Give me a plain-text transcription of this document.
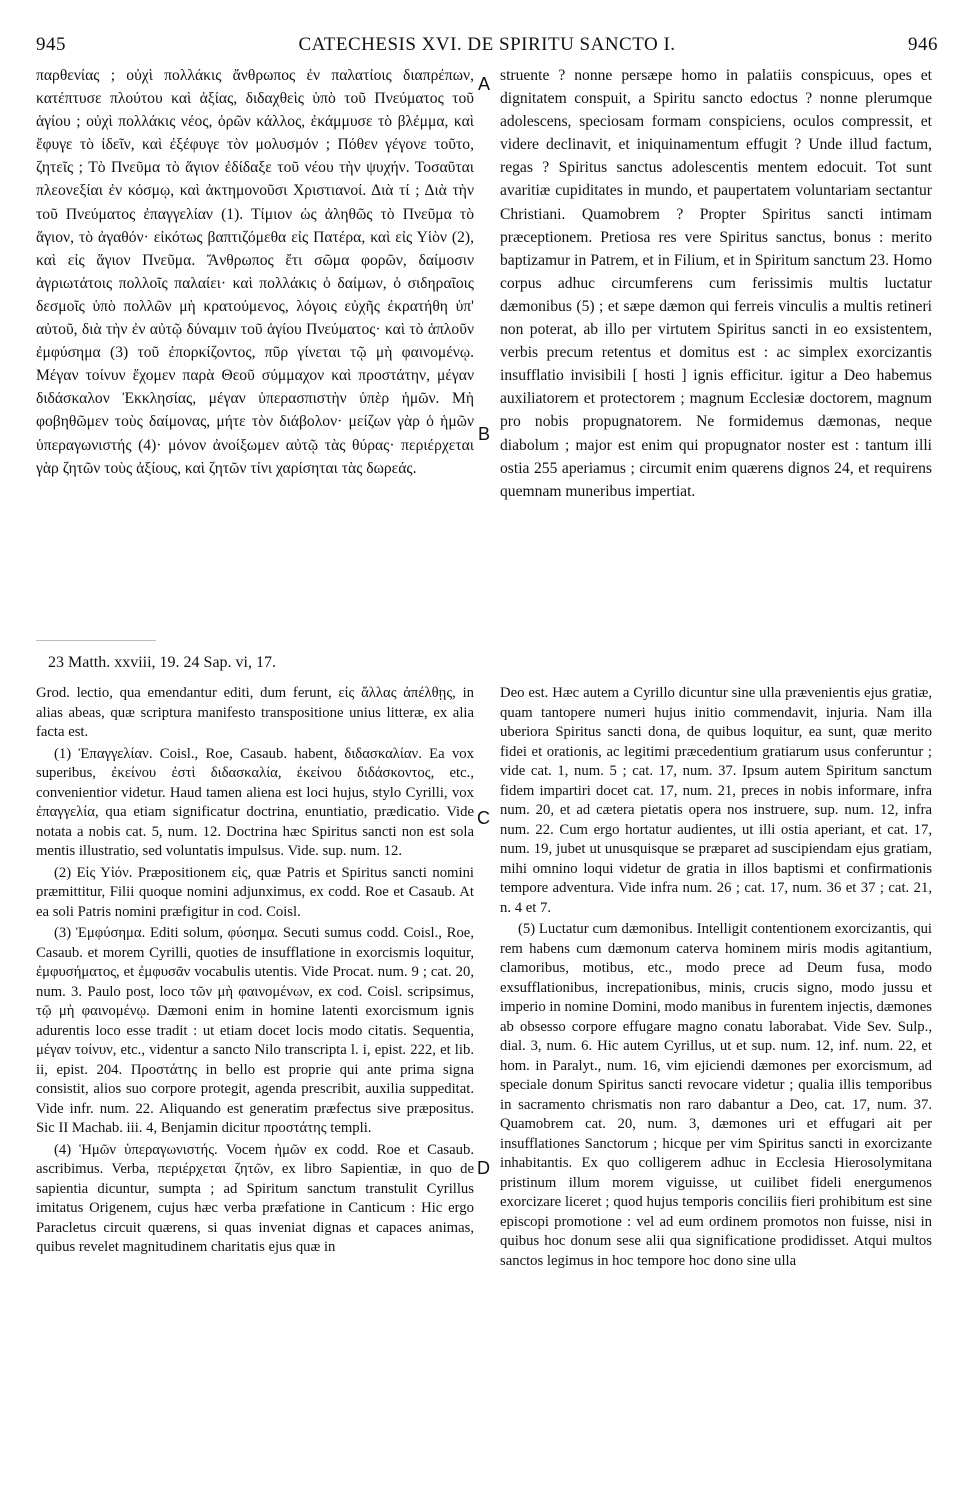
945	CATECHESIS XVI. DE SPIRITU SANCTO I.	946
παρθενίας ; οὐχὶ πολλάκις ἄνθρωπος ἐν παλατίοις διαπρέπων, κατέπτυσε πλούτου καὶ ἀξίας, διδαχθεὶς ὑπὸ τοῦ Πνεύματος τοῦ ἁγίου ; οὐχὶ πολλάκις νέος, ὁρῶν κάλλος, ἐκάμμυσε τὸ βλέμμα, καὶ ἔφυγε τὸ ἰδεῖν, καὶ ἐξέφυγε τὸν μολυσμόν ; Πόθεν γέγονε τοῦτο, ζητεῖς ; Τὸ Πνεῦμα τὸ ἅγιον ἐδίδαξε τοῦ νέου τὴν ψυχήν. Τοσαῦται πλεονεξίαι ἐν κόσμῳ, καὶ ἀκτημονοῦσι Χριστιανοί. Διὰ τί ; Διὰ τὴν τοῦ Πνεύματος ἐπαγγελίαν (1). Τίμιον ὡς ἀληθῶς τὸ Πνεῦμα τὸ ἅγιον, τὸ ἀγαθόν· εἰκότως βαπτιζόμεθα εἰς Πατέρα, καὶ εἰς Υἱὸν (2), καὶ εἰς ἅγιον Πνεῦμα. Ἄνθρωπος ἔτι σῶμα φορῶν, δαίμοσιν ἀγριωτάτοις πολλοῖς παλαίει· καὶ πολλάκις ὁ δαίμων, ὁ σιδηραῖοις δεσμοῖς ὑπὸ πολλῶν μὴ κρατούμενος, λόγοις εὐχῆς ἐκρατήθη ὑπ' αὐτοῦ, διὰ τὴν ἐν αὐτῷ δύναμιν τοῦ ἁγίου Πνεύματος· καὶ τὸ ἁπλοῦν ἐμφύσημα (3) τοῦ ἐπορκίζοντος, πῦρ γίνεται τῷ μὴ φαινομένῳ. Μέγαν τοίνυν ἔχομεν παρὰ Θεοῦ σύμμαχον καὶ προστάτην, μέγαν διδάσκαλον Ἐκκλησίας, μέγαν ὑπερασπιστὴν ὑπὲρ ἡμῶν. Μὴ φοβηθῶμεν τοὺς δαίμονας, μήτε τὸν διάβολον· μείζων γὰρ ὁ ἡμῶν ὑπεραγωνιστής (4)· μόνον ἀνοίξωμεν αὐτῷ τὰς θύρας· περιέρχεται γὰρ ζητῶν τοὺς ἀξίους, καὶ ζητῶν τίνι χαρίσηται τὰς δωρεάς.
struente ? nonne persæpe homo in palatiis conspicuus, opes et dignitatem conspuit, a Spiritu sancto edoctus ? nonne plerumque adolescens, speciosam formam conspiciens, oculos compressit, et videre declinavit, et iniquinamentum effugit ? Unde illud factum, regas ? Spiritus sanctus adolescentis mentem edocuit. Tot sunt avaritiæ cupiditates in mundo, et paupertatem voluntariam sectantur Christiani. Quamobrem ? Propter Spiritus sancti intimam præceptionem. Pretiosa res vere Spiritus sanctus, bonus : merito baptizamur in Patrem, et in Filium, et in Spiritum sanctum 23. Homo corpus adhuc circumferens cum ferissimis multis luctatur dæmonibus (5) ; et sæpe dæmon qui ferreis vinculis a multis retineri non poterat, ab illo per virtutem Spiritus sancti in eo exsistentem, verbis precum retentus et domitus est : ac simplex exorcizantis insufflatio invisibili [ hosti ] ignis efficitur. igitur a Deo habemus auxiliatorem et protectorem ; magnum Ecclesiæ doctorem, magnum pro nobis propugnatorem. Ne formidemus dæmonas, neque diabolum ; major est enim qui propugnator noster est : tantum illi ostia 255 aperiamus ; circumit enim quærens dignos 24, et requirens quemnam muneribus impertiat.
A
B
C
D
23 Matth. xxviii, 19. 24 Sap. vi, 17.

Grod. lectio, qua emendantur editi, dum ferunt, εἰς ἄλλας ἀπέλθῃς, in alias abeas, quæ scriptura manifesto transpositione unius litteræ, ex alia facta est.

(1) Ἐπαγγελίαν. Coisl., Roe, Casaub. habent, διδασκαλίαν. Ea vox superibus, ἐκείνου ἐστὶ διδασκαλία, ἐκείνου διδάσκοντος, etc., convenientior videtur. Haud tamen aliena est loci hujus, stylo Cyrilli, vox ἐπαγγελία, qua etiam significatur doctrina, enuntiatio, prædicatio. Vide notata a nobis cat. 5, num. 12. Doctrina hæc Spiritus sancti non est sola mentis illustratio, sed voluntatis impulsus. Vide. sup. num. 12.

(2) Εἰς Υἱόν. Præpositionem εἰς, quæ Patris et Spiritus sancti nomini præmittitur, Filii quoque nomini adjunximus, ex codd. Roe et Casaub. At ea soli Patris nomini præfigitur in cod. Coisl.

(3) Ἐμφύσημα. Editi solum, φύσημα. Secuti sumus codd. Coisl., Roe, Casaub. et morem Cyrilli, quoties de insufflatione in exorcismis loquitur, ἐμφυσήματος, et ἐμφυσᾶν vocabulis utentis. Vide Procat. num. 9 ; cat. 20, num. 3. Paulo post, loco τῶν μὴ φαινομένων, ex cod. Coisl. scripsimus, τῷ μὴ φαινομένῳ. Dæmoni enim in homine latenti exorcismum ignis adurentis loco esse tradit : ut etiam docet locis modo citatis. Sequentia, μέγαν τοίνυν, etc., videntur a sancto Nilo transcripta l. i, epist. 222, et lib. ii, epist. 204. Προστάτης in bello est proprie qui ante prima signa consistit, alios suo corpore protegit, agenda prescribit, auxilia suppeditat. Vide infr. num. 22. Aliquando est generatim præfectus sive præpositus. Sic II Machab. iii. 4, Benjamin dicitur προστάτης templi.

(4) Ἡμῶν ὑπεραγωνιστής. Vocem ἡμῶν ex codd. Roe et Casaub. ascribimus. Verba, περιέρχεται ζητῶν, ex libro Sapientiæ, in quo de sapientia dicuntur, sumpta ; ad Spiritum sanctum transtulit Cyrillus imitatus Origenem, cujus hæc verba præfatione in Canticum : Hic ergo Paracletus circuit quærens, si quas inveniat dignas et capaces animas, quibus revelet magnitudinem charitatis ejus quæ in

Deo est. Hæc autem a Cyrillo dicuntur sine ulla prævenientis ejus gratiæ, quam tantopere numeri hujus initio commendavit, injuria. Nam illa uberiora Spiritus sancti dona, de quibus loquitur, ea sunt, quæ merito fidei et orationis, ac legitimi præcedentium gratiarum usus conferuntur ; vide cat. 1, num. 5 ; cat. 17, num. 37. Ipsum autem Spiritum sanctum fidem impartiri docet cat. 17, num. 21, preces in nobis informare, infra num. 20, et ad cætera pietatis opera nos instruere, sup. num. 12, infra num. 22. Cum ergo hortatur audientes, ut illi ostia aperiant, et cat. 17, num. 19, jubet ut unusquisque se præparet ad suscipiendam ejus gratiam, mihi omnino loqui videtur de gratia in illos baptismi et confirmationis tempore adventura. Vide infra num. 26 ; cat. 17, num. 36 et 37 ; cat. 21, n. 4 et 7.

(5) Luctatur cum dæmonibus. Intelligit contentionem exorcizantis, qui rem habens cum dæmonum caterva hominem miris modis agitantium, clamoribus, motibus, etc., modo prece ad Deum fusa, modo exsufflationibus, increpationibus, minis, crucis signo, modo jussu et imperio in nomine Domini, modo manibus in furentem injectis, dæmones ab obsesso corpore effugare magno conatu laborabat. Vide Sev. Sulp., dial. 3, num. 6. Hic autem Cyrillus, ut et sup. num. 12, inf. num. 22, et hom. in Paralyt., num. 16, vim ejiciendi dæmones per exorcismum, ad speciale donum Spiritus sancti revocare videtur ; qualia illis temporibus in sacramento chrismatis non raro dabantur a Deo, cat. 17, num. 37. Quamobrem cat. 20, num. 3, dæmones uri et effugari ait per insufflationes Sanctorum ; hicque per vim Spiritus sancti in exorcizante inhabitantis. Ex quo colligerem adhuc in Ecclesia Hierosolymitana pristinum illum morem viguisse, ut cuilibet fideli energumenos exorcizare liceret ; quod hujus temporis conciliis fieri prohibitum est sine episcopi promotione : vel ad eum ordinem promotos non fuisse, nisi in quibus hoc donum sese alii qua significatione prodidisset. Atqui multos sanctos legimus in hoc tempore hoc dono sine ulla
